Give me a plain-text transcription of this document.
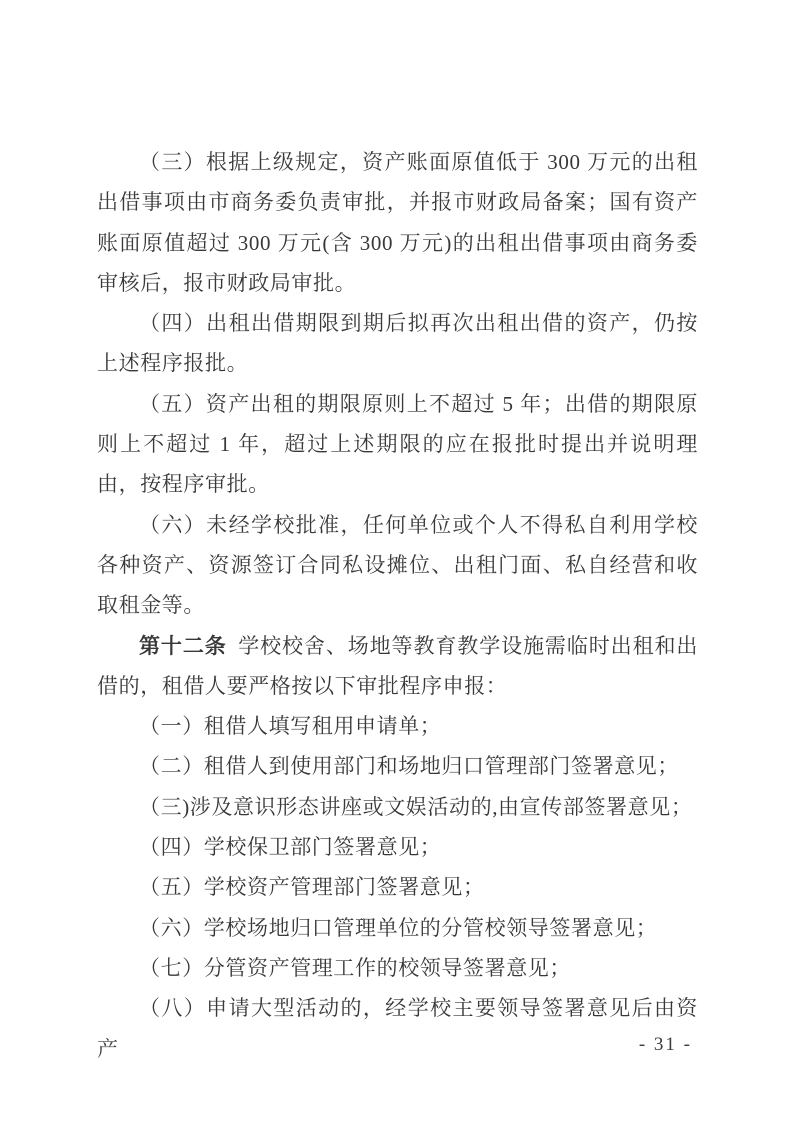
（三）根据上级规定，资产账面原值低于 300 万元的出租出借事项由市商务委负责审批，并报市财政局备案；国有资产账面原值超过 300 万元(含 300 万元)的出租出借事项由商务委审核后，报市财政局审批。

（四）出租出借期限到期后拟再次出租出借的资产，仍按上述程序报批。

（五）资产出租的期限原则上不超过 5 年；出借的期限原则上不超过 1 年，超过上述期限的应在报批时提出并说明理由，按程序审批。

（六）未经学校批准，任何单位或个人不得私自利用学校各种资产、资源签订合同私设摊位、出租门面、私自经营和收取租金等。

第十二条 学校校舍、场地等教育教学设施需临时出租和出借的，租借人要严格按以下审批程序申报：

（一）租借人填写租用申请单；

（二）租借人到使用部门和场地归口管理部门签署意见；

（三)涉及意识形态讲座或文娱活动的,由宣传部签署意见；

（四）学校保卫部门签署意见；

（五）学校资产管理部门签署意见；

（六）学校场地归口管理单位的分管校领导签署意见；

（七）分管资产管理工作的校领导签署意见；

（八）申请大型活动的，经学校主要领导签署意见后由资产	- 31 -
